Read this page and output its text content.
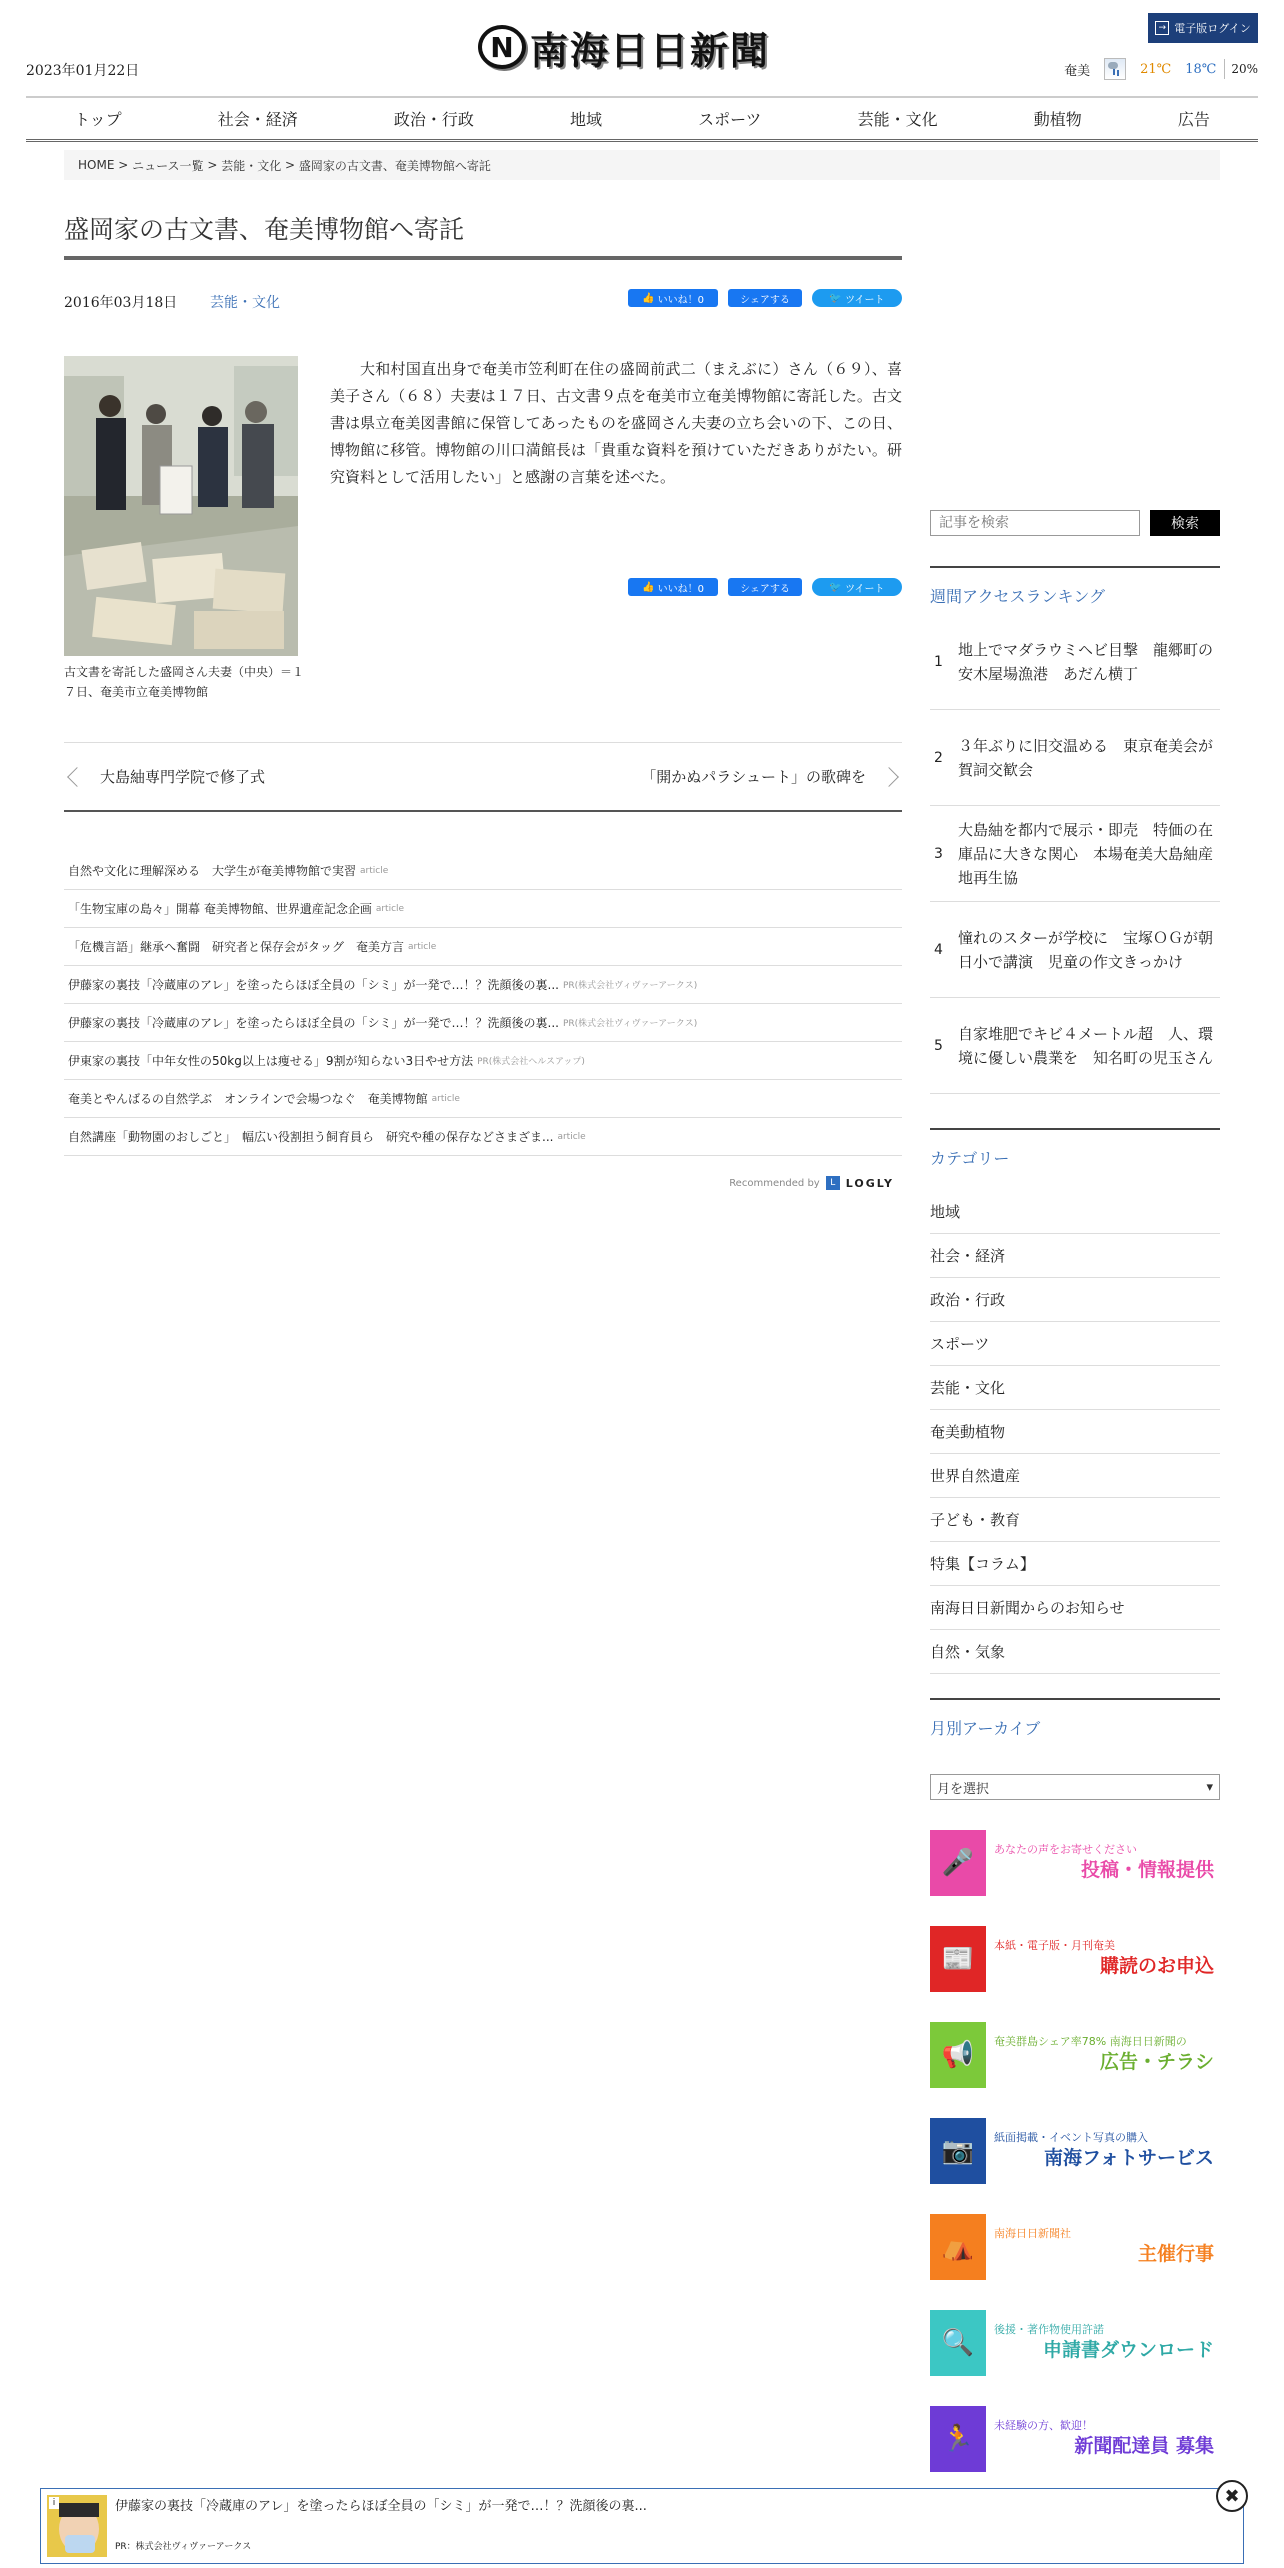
2023年01月22日
N 南海日日新聞
→ 電子版ログイン
奄美	21℃ 18℃ 20%
トップ	社会・経済	政治・行政	地域	スポーツ	芸能・文化	動植物	広告
HOME > ニュース一覧 > 芸能・文化 > 盛岡家の古文書、奄美博物館へ寄託
盛岡家の古文書、奄美博物館へ寄託
2016年03月18日 芸能・文化	👍 いいね！0	シェアする	🐦
ツイート
古文書を寄託した盛岡さん夫妻（中央）＝１７日、奄美市立奄美博物館
大和村国直出身で奄美市笠利町在住の盛岡前武二（まえぶに）さん（６９）、喜美子さん（６８）夫妻は１７日、古文書９点を奄美市立奄美博物館に寄託した。古文書は県立奄美図書館に保管してあったものを盛岡さん夫妻の立ち会いの下、この日、博物館に移管。博物館の川口満館長は「貴重な資料を預けていただきありがたい。研究資料として活用したい」と感謝の言葉を述べた。
👍 いいね！0	シェアする	🐦
ツイート
大島紬専門学院で修了式	「開かぬパラシュート」の歌碑を
自然や文化に理解深める　大学生が奄美博物館で実習 article
「生物宝庫の島々」開幕 奄美博物館、世界遺産記念企画 article
「危機言語」継承へ奮闘　研究者と保存会がタッグ　奄美方言 article
伊藤家の裏技「冷蔵庫のアレ」を塗ったらほぼ全員の「シミ」が一発で…！？洗顔後の裏... PR(株式会社ヴィヴァーアークス)
伊藤家の裏技「冷蔵庫のアレ」を塗ったらほぼ全員の「シミ」が一発で…！？洗顔後の裏... PR(株式会社ヴィヴァーアークス)
伊東家の裏技「中年女性の50kg以上は痩せる」9割が知らない3日やせ方法 PR(株式会社ヘルスアップ)
奄美とやんばるの自然学ぶ　オンラインで会場つなぐ　奄美博物館 article
自然講座「動物園のおしごと」　幅広い役割担う飼育員ら　研究や種の保存などさまざま... article
Recommended by	L LOGLY
記事を検索
検索
週間アクセスランキング
1
地上でマダラウミヘビ目撃　龍郷町の安木屋場漁港　あだん横丁
2
３年ぶりに旧交温める　東京奄美会が賀詞交歓会
3
大島紬を都内で展示・即売　特価の在庫品に大きな関心　本場奄美大島紬産地再生協
4
憧れのスターが学校に　宝塚ＯＧが朝日小で講演　児童の作文きっかけ
5
自家堆肥でキビ４メートル超　人、環境に優しい農業を　知名町の児玉さん
カテゴリー
地域
社会・経済
政治・行政
スポーツ
芸能・文化
奄美動植物
世界自然遺産
子ども・教育
特集【コラム】
南海日日新聞からのお知らせ
自然・気象
月別アーカイブ
月を選択	▾
🎤	あなたの声をお寄せください
投稿・情報提供
📰	本紙・電子版・月刊奄美
購読のお申込
📢	奄美群島シェア率78% 南海日日新聞の
広告・チラシ
📷	紙面掲載・イベント写真の購入
南海フォトサービス
⛺	南海日日新聞社
主催行事
🔍	後援・著作物使用許諾
申請書ダウンロード
🏃	未経験の方、歓迎！
新聞配達員 募集
i	伊藤家の裏技「冷蔵庫のアレ」を塗ったらほぼ全員の「シミ」が一発で…！？洗顔後の裏...
PR：株式会社ヴィヴァーアークス
✖
